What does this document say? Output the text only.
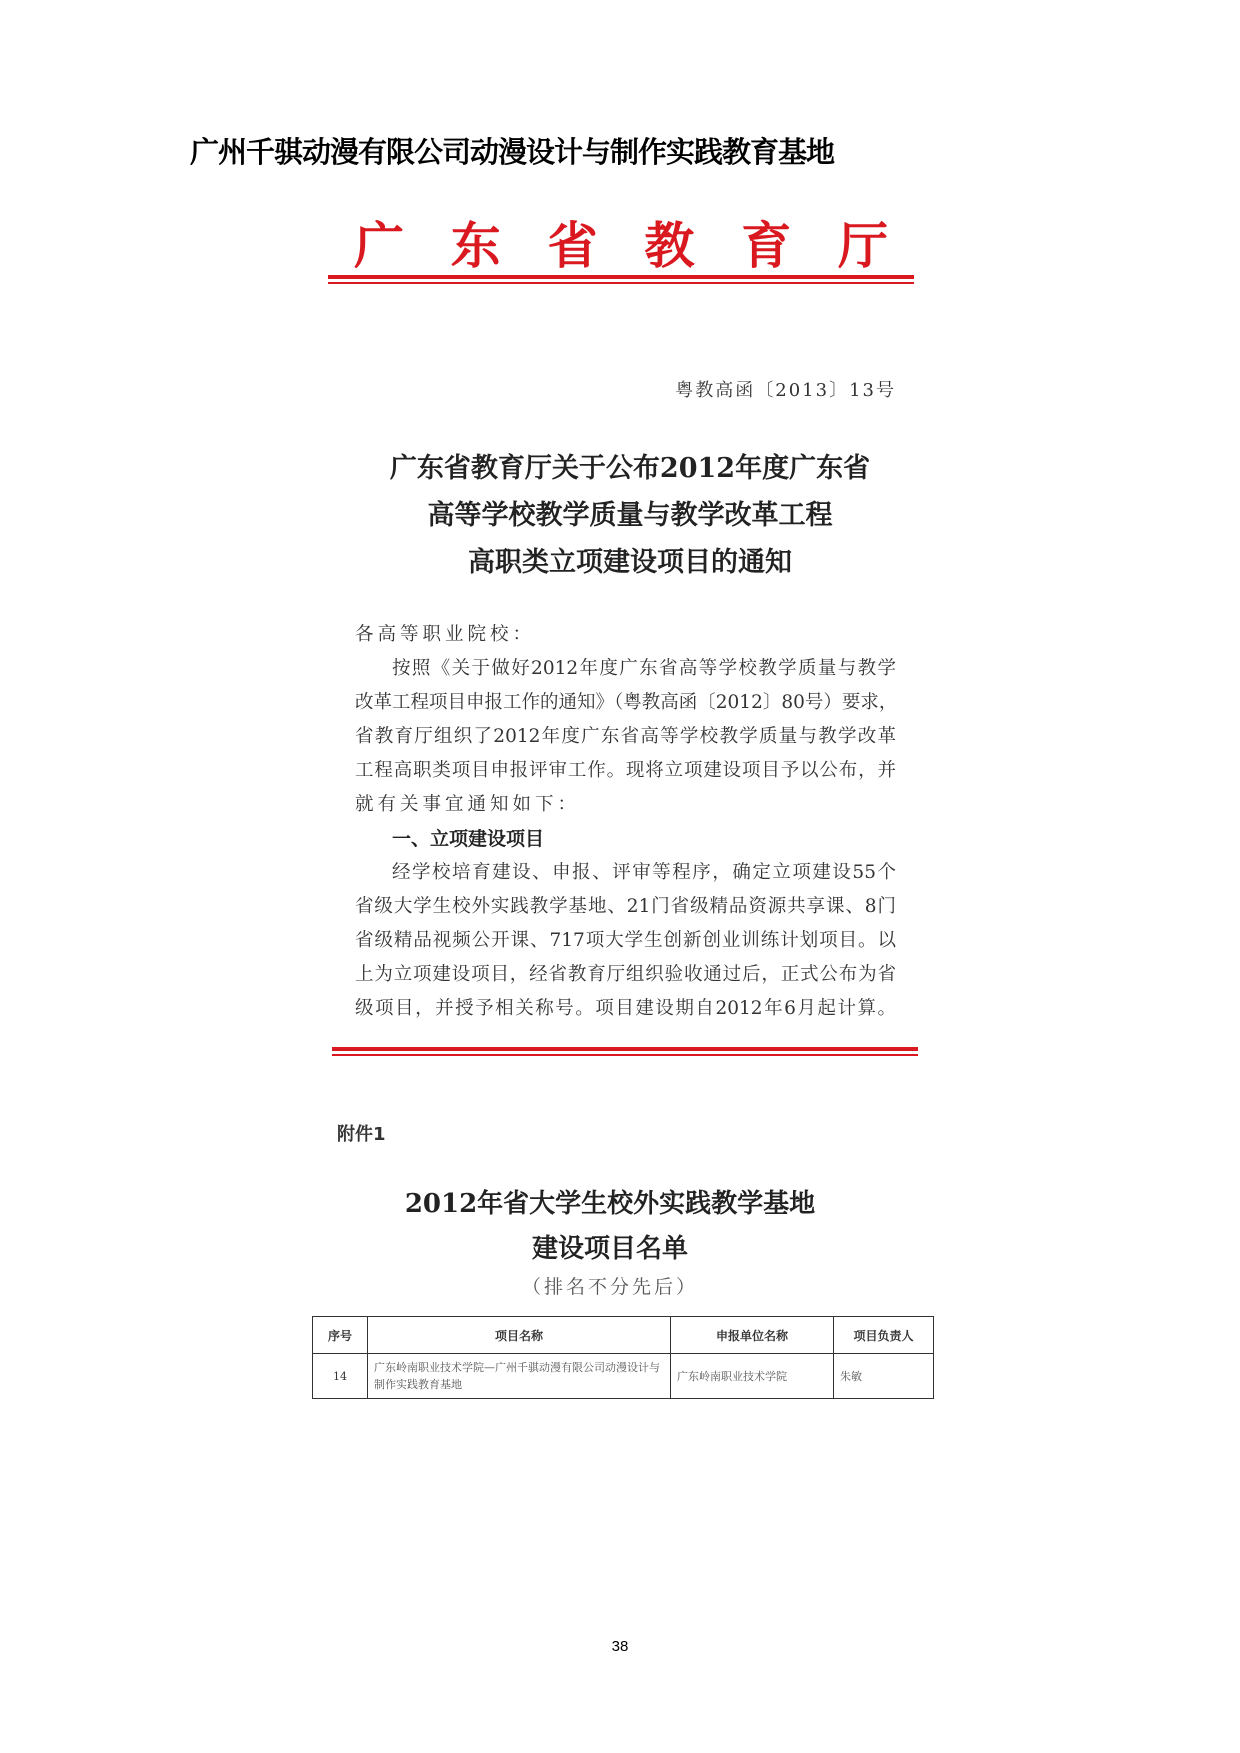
广州千骐动漫有限公司动漫设计与制作实践教育基地
广 东 省 教 育 厅
粤教高函〔2013〕13号
广东省教育厅关于公布2012年度广东省
高等学校教学质量与教学改革工程
高职类立项建设项目的通知
各高等职业院校：
按照《关于做好2012年度广东省高等学校教学质量与教学
改革工程项目申报工作的通知》（粤教高函〔2012〕80号）要求，
省教育厅组织了2012年度广东省高等学校教学质量与教学改革
工程高职类项目申报评审工作。现将立项建设项目予以公布，并
就有关事宜通知如下：
一、立项建设项目
经学校培育建设、申报、评审等程序，确定立项建设55个
省级大学生校外实践教学基地、21门省级精品资源共享课、8门
省级精品视频公开课、717项大学生创新创业训练计划项目。以
上为立项建设项目，经省教育厅组织验收通过后，正式公布为省
级项目，并授予相关称号。项目建设期自2012年6月起计算。
附件1
2012年省大学生校外实践教学基地
建设项目名单
（排名不分先后）
序号	项目名称	申报单位名称	项目负责人
14	广东岭南职业技术学院—广州千骐动漫有限公司动漫设计与制作实践教育基地	广东岭南职业技术学院	朱敏
38
